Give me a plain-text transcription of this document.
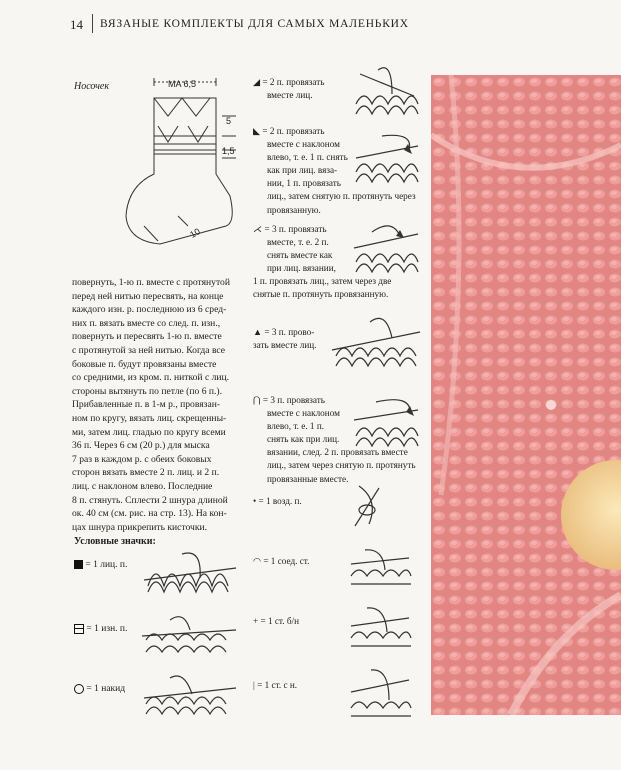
14 ВЯЗАНЫЕ КОМПЛЕКТЫ ДЛЯ САМЫХ МАЛЕНЬКИХ
Носочек	MA 6,5
5
1,5
10
повернуть, 1-ю п. вместе с протянутой
перед ней нитью пересвять, на конце
каждого изн. р. последнюю из 6 сред-
них п. вязать вместе со след. п. изн.,
повернуть и пересвять 1-ю п. вместе
с протянутой за ней нитью. Когда все
боковые п. будут провязаны вместе
со средними, из кром. п. ниткой с лиц.
стороны вытянуть по петле (по 6 п.).
Прибавленные п. в 1-м р., провязан-
ном по кругу, вязать лиц. скрещенны-
ми, затем лиц. гладью по кругу всеми
36 п. Через 6 см (20 р.) для мыска
7 раз в каждом р. с обеих боковых
сторон вязать вместе 2 п. лиц. и 2 п.
лиц. с наклоном влево. Последние
8 п. стянуть. Сплести 2 шнура длиной
ок. 40 см (см. рис. на стр. 13). На кон-
цах шнура прикрепить кисточки.
Условные значки:
= 1 лиц. п.
= 1 изн. п.
= 1 накид
◢ = 2 п. провязать
вместе лиц.
◣ = 2 п. провязать
вместе с наклоном
влево, т. е. 1 п. снять
как при лиц. вяза-
нии, 1 п. провязать
лиц., затем снятую п. протянуть через
провязанную.
⋌ = 3 п. провязать
вместе, т. е. 2 п.
снять вместе как
при лиц. вязании,
1 п. провязать лиц., затем через две
снятые п. протянуть провязанную.
▲ = 3 п. прово-
зать вместе лиц.
⋂ = 3 п. провязать
вместе с наклоном
влево, т. е. 1 п.
снять как при лиц.
вязании, след. 2 п. провязать вместе
лиц., затем через снятую п. протянуть
провязанные вместе.
• = 1 возд. п.
◠ = 1 соед. ст.
+ = 1 ст. б/н
| = 1 ст. с н.
